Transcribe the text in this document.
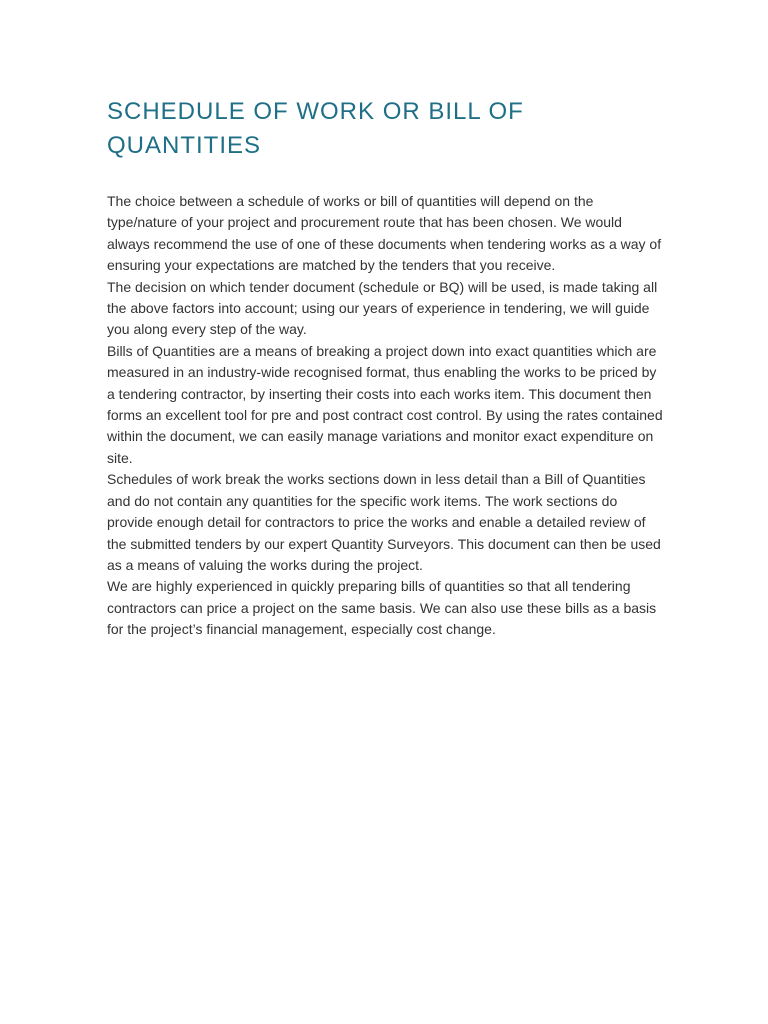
SCHEDULE OF WORK OR BILL OF QUANTITIES

The choice between a schedule of works or bill of quantities will depend on the type/nature of your project and procurement route that has been chosen. We would always recommend the use of one of these documents when tendering works as a way of ensuring your expectations are matched by the tenders that you receive.

The decision on which tender document (schedule or BQ) will be used, is made taking all the above factors into account; using our years of experience in tendering, we will guide you along every step of the way.

Bills of Quantities are a means of breaking a project down into exact quantities which are measured in an industry-wide recognised format, thus enabling the works to be priced by a tendering contractor, by inserting their costs into each works item. This document then forms an excellent tool for pre and post contract cost control. By using the rates contained within the document, we can easily manage variations and monitor exact expenditure on site.

Schedules of work break the works sections down in less detail than a Bill of Quantities and do not contain any quantities for the specific work items. The work sections do provide enough detail for contractors to price the works and enable a detailed review of the submitted tenders by our expert Quantity Surveyors. This document can then be used as a means of valuing the works during the project.

We are highly experienced in quickly preparing bills of quantities so that all tendering contractors can price a project on the same basis. We can also use these bills as a basis for the project’s financial management, especially cost change.
